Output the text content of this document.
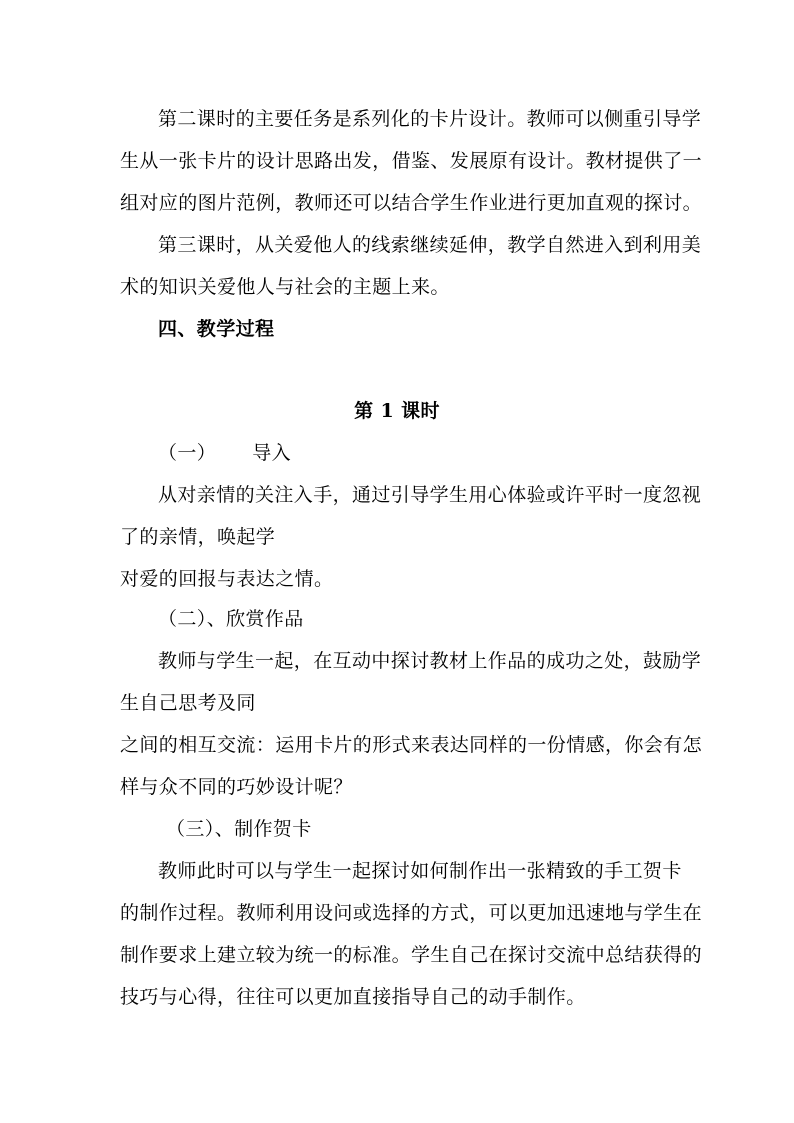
第二课时的主要任务是系列化的卡片设计。教师可以侧重引导学
生从一张卡片的设计思路出发，借鉴、发展原有设计。教材提供了一
组对应的图片范例，教师还可以结合学生作业进行更加直观的探讨。
第三课时，从关爱他人的线索继续延伸，教学自然进入到利用美
术的知识关爱他人与社会的主题上来。
四、教学过程
第 1 课时
（一） 导入
从对亲情的关注入手，通过引导学生用心体验或许平时一度忽视
了的亲情，唤起学
对爱的回报与表达之情。
（二）、欣赏作品
教师与学生一起，在互动中探讨教材上作品的成功之处，鼓励学
生自己思考及同
之间的相互交流：运用卡片的形式来表达同样的一份情感，你会有怎
样与众不同的巧妙设计呢？
（三）、制作贺卡
教师此时可以与学生一起探讨如何制作出一张精致的手工贺卡
的制作过程。教师利用设问或选择的方式，可以更加迅速地与学生在
制作要求上建立较为统一的标准。学生自己在探讨交流中总结获得的
技巧与心得，往往可以更加直接指导自己的动手制作。
